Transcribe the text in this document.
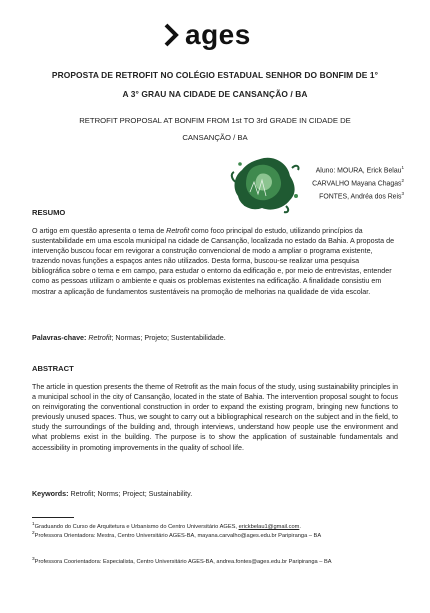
ages
PROPOSTA DE RETROFIT NO COLÉGIO ESTADUAL SENHOR DO BONFIM DE 1°
A 3° GRAU NA CIDADE DE CANSANÇÃO / BA
RETROFIT PROPOSAL AT BONFIM FROM 1st TO 3rd GRADE IN CIDADE DE
CANSANÇÃO / BA
Aluno: MOURA, Erick Belau$^1$
CARVALHO Mayana Chagas$^2$
FONTES, Andréa dos Reis$^3$
RESUMO
O artigo em questão apresenta o tema de Retrofit como foco principal do estudo, utilizando princípios da sustentabilidade em uma escola municipal na cidade de Cansanção, localizada no estado da Bahia. A proposta de intervenção buscou focar em revigorar a construção convencional de modo a ampliar o programa existente, trazendo novas funções a espaços antes não utilizados. Desta forma, buscou-se realizar uma pesquisa bibliográfica sobre o tema e em campo, para estudar o entorno da edificação e, por meio de entrevistas, entender como as pessoas utilizam o ambiente e quais os problemas existentes na edificação. A finalidade consistiu em mostrar a aplicação de fundamentos sustentáveis na promoção de melhorias na qualidade de vida escolar.
Palavras-chave: Retrofit; Normas; Projeto; Sustentabilidade.
ABSTRACT
The article in question presents the theme of Retrofit as the main focus of the study, using sustainability principles in a municipal school in the city of Cansanção, located in the state of Bahia. The intervention proposal sought to focus on reinvigorating the conventional construction in order to expand the existing program, bringing new functions to previously unused spaces. Thus, we sought to carry out a bibliographical research on the subject and in the field, to study the surroundings of the building and, through interviews, understand how people use the environment and what problems exist in the building. The purpose is to show the application of sustainable fundamentals and accessibility in promoting improvements in the quality of school life.
Keywords: Retrofit; Norms; Project; Sustainability.
$^1$Graduando do Curso de Arquitetura e Urbanismo do Centro Universitário AGES, erickbelau1@gmail.com.
$^2$Professora Orientadora: Mestra, Centro Universitário AGES-BA, mayana.carvalho@ages.edu.br Paripiranga – BA
$^3$Professora Coorientadora: Especialista, Centro Universitário AGES-BA, andrea.fontes@ages.edu.br Paripiranga – BA
